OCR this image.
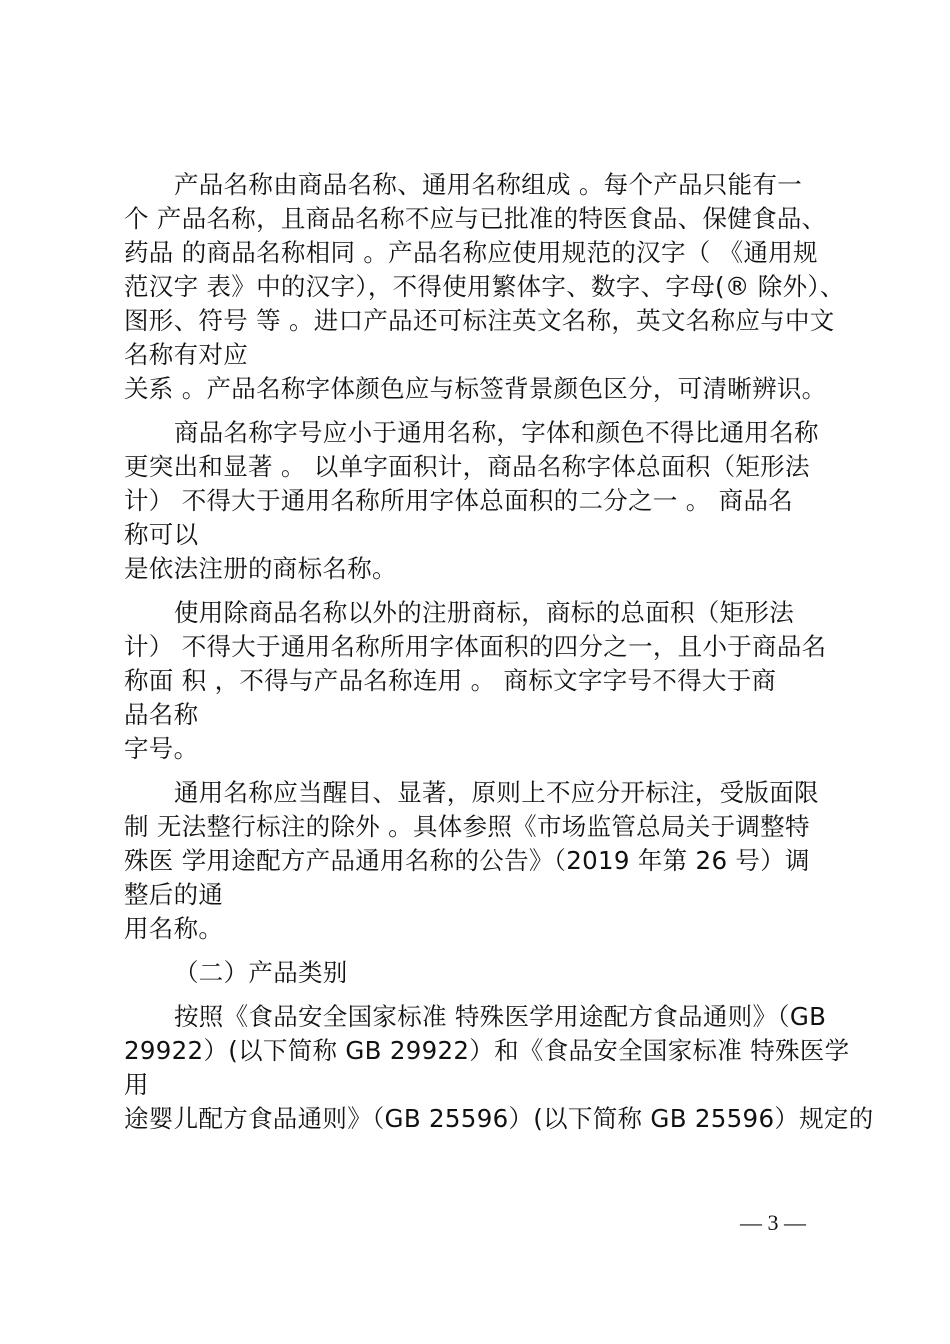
产品名称由商品名称、通用名称组成 。每个产品只能有一
个 产品名称，且商品名称不应与已批准的特医食品、保健食品、
药品 的商品名称相同 。产品名称应使用规范的汉字（ 《通用规
范汉字 表》中的汉字），不得使用繁体字、数字、字母(® 除外）、
图形、符号 等 。进口产品还可标注英文名称，英文名称应与中文
名称有对应
关系 。产品名称字体颜色应与标签背景颜色区分，可清晰辨识。
商品名称字号应小于通用名称，字体和颜色不得比通用名称
更突出和显著 。 以单字面积计，商品名称字体总面积（矩形法
计） 不得大于通用名称所用字体总面积的二分之一 。 商品名
称可以
是依法注册的商标名称。
使用除商品名称以外的注册商标，商标的总面积（矩形法
计） 不得大于通用名称所用字体面积的四分之一，且小于商品名
称面 积 ，不得与产品名称连用 。 商标文字字号不得大于商
品名称
字号。
通用名称应当醒目、显著，原则上不应分开标注，受版面限
制 无法整行标注的除外 。具体参照《市场监管总局关于调整特
殊医 学用途配方产品通用名称的公告》（2019 年第 26 号）调
整后的通
用名称。
（二）产品类别
按照《食品安全国家标准 特殊医学用途配方食品通则》（GB
29922）(以下简称 GB 29922）和《食品安全国家标准 特殊医学
用
途婴儿配方食品通则》（GB 25596）(以下简称 GB 25596）规定的
— 3 —
